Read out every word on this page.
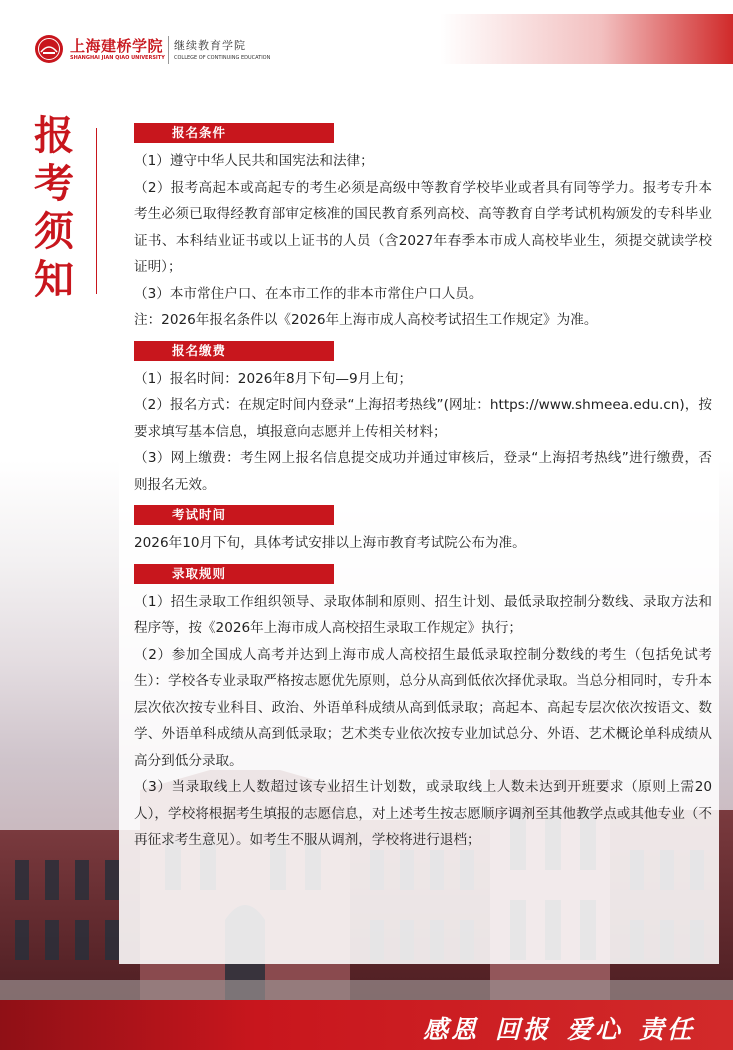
上海建桥学院 继续教育学院
SHANGHAI JIAN QIAO UNIVERSITY COLLEGE OF CONTINUING EDUCATION
报
考
须
知
报名条件

（1）遵守中华人民共和国宪法和法律；

（2）报考高起本或高起专的考生必须是高级中等教育学校毕业或者具有同等学力。报考专升本考生必须已取得经教育部审定核准的国民教育系列高校、高等教育自学考试机构颁发的专科毕业证书、本科结业证书或以上证书的人员（含2027年春季本市成人高校毕业生，须提交就读学校证明）；

（3）本市常住户口、在本市工作的非本市常住户口人员。

注：2026年报名条件以《2026年上海市成人高校考试招生工作规定》为准。

报名缴费

（1）报名时间：2026年8月下旬—9月上旬；

（2）报名方式：在规定时间内登录“上海招考热线”(网址：https://www.shmeea.edu.cn)，按要求填写基本信息，填报意向志愿并上传相关材料；

（3）网上缴费：考生网上报名信息提交成功并通过审核后，登录“上海招考热线”进行缴费，否则报名无效。

考试时间

2026年10月下旬，具体考试安排以上海市教育考试院公布为准。

录取规则

（1）招生录取工作组织领导、录取体制和原则、招生计划、最低录取控制分数线、录取方法和程序等，按《2026年上海市成人高校招生录取工作规定》执行；

（2）参加全国成人高考并达到上海市成人高校招生最低录取控制分数线的考生（包括免试考生）：学校各专业录取严格按志愿优先原则，总分从高到低依次择优录取。当总分相同时，专升本层次依次按专业科目、政治、外语单科成绩从高到低录取；高起本、高起专层次依次按语文、数学、外语单科成绩从高到低录取；艺术类专业依次按专业加试总分、外语、艺术概论单科成绩从高分到低分录取。

（3）当录取线上人数超过该专业招生计划数，或录取线上人数未达到开班要求（原则上需20人），学校将根据考生填报的志愿信息，对上述考生按志愿顺序调剂至其他教学点或其他专业（不再征求考生意见）。如考生不服从调剂，学校将进行退档；

感恩 回报 爱心 责任
